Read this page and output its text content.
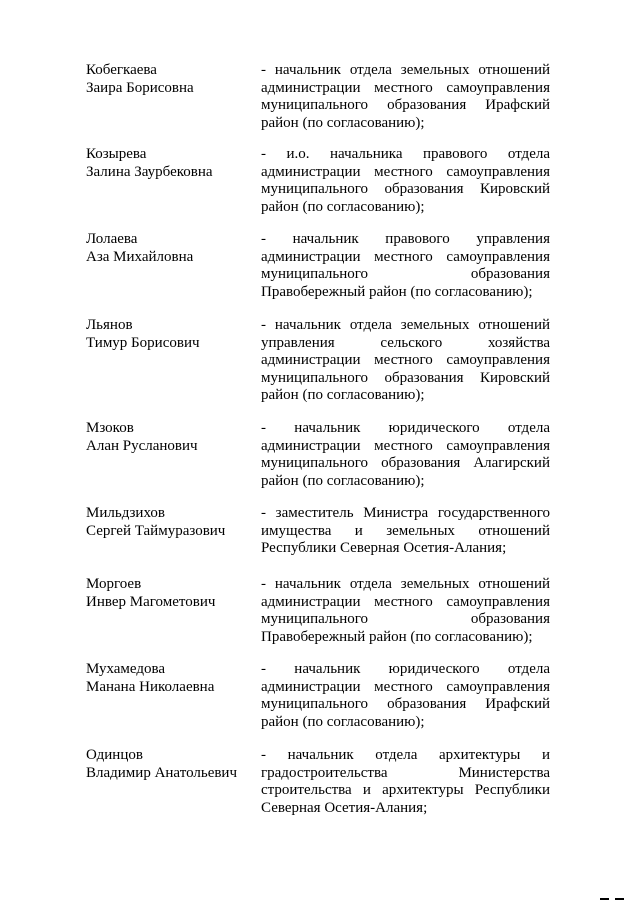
Кобегкаева
Заира Борисовна
- начальник отдела земельных отношений
администрации местного самоуправления
муниципального образования Ирафский
район (по согласованию);
Козырева
Залина Заурбековна
- и.о. начальника правового отдела
администрации местного самоуправления
муниципального образования Кировский
район (по согласованию);
Лолаева
Аза Михайловна
- начальник правового управления
администрации местного самоуправления
муниципального образования
Правобережный район (по согласованию);
Льянов
Тимур Борисович
- начальник отдела земельных отношений
управления сельского хозяйства
администрации местного самоуправления
муниципального образования Кировский
район (по согласованию);
Мзоков
Алан Русланович
- начальник юридического отдела
администрации местного самоуправления
муниципального образования Алагирский
район (по согласованию);
Мильдзихов
Сергей Таймуразович
- заместитель Министра государственного
имущества и земельных отношений
Республики Северная Осетия-Алания;
Моргоев
Инвер Магометович
- начальник отдела земельных отношений
администрации местного самоуправления
муниципального образования
Правобережный район (по согласованию);
Мухамедова
Манана Николаевна
- начальник юридического отдела
администрации местного самоуправления
муниципального образования Ирафский
район (по согласованию);
Одинцов
Владимир Анатольевич
- начальник отдела архитектуры и
градостроительства Министерства
строительства и архитектуры Республики
Северная Осетия-Алания;
